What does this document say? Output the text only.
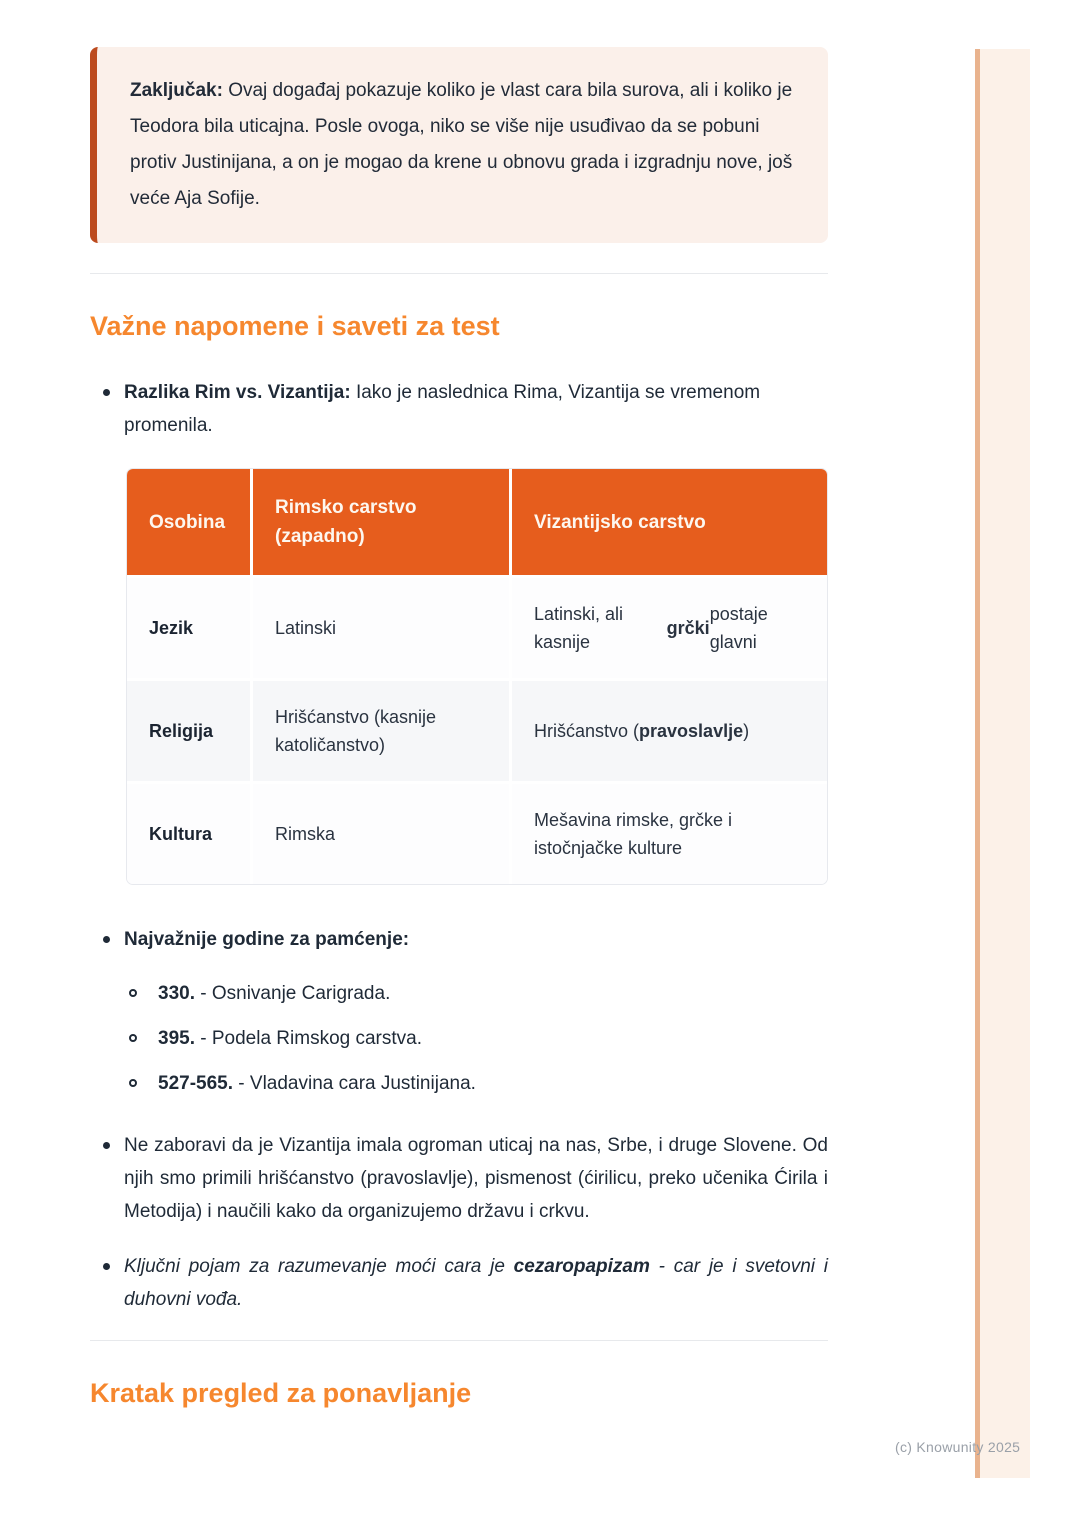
Zaključak: Ovaj događaj pokazuje koliko je vlast cara bila surova, ali i koliko je Teodora bila uticajna. Posle ovoga, niko se više nije usuđivao da se pobuni protiv Justinijana, a on je mogao da krene u obnovu grada i izgradnju nove, još veće Aja Sofije.

Važne napomene i saveti za test

Razlika Rim vs. Vizantija: Iako je naslednica Rima, Vizantija se vremenom promenila.

Osobina
Rimsko carstvo (zapadno)
Vizantijsko carstvo
Jezik	Latinski
Latinski, ali kasnije
grčki
postaje glavni
Religija
Hrišćanstvo (kasnije katoličanstvo)
Hrišćanstvo ( pravoslavlje )
Kultura	Rimska
Mešavina rimske, grčke i istočnjačke kulture

Najvažnije godine za pamćenje:

330. - Osnivanje Carigrada.

395. - Podela Rimskog carstva.

527-565. - Vladavina cara Justinijana.

Ne zaboravi da je Vizantija imala ogroman uticaj na nas, Srbe, i druge Slovene. Od njih smo primili hrišćanstvo (pravoslavlje), pismenost (ćirilicu, preko učenika Ćirila i Metodija) i naučili kako da organizujemo državu i crkvu.

Ključni pojam za razumevanje moći cara je cezaropapizam - car je i svetovni i duhovni vođa.

Kratak pregled za ponavljanje
(c) Knowunity 2025
